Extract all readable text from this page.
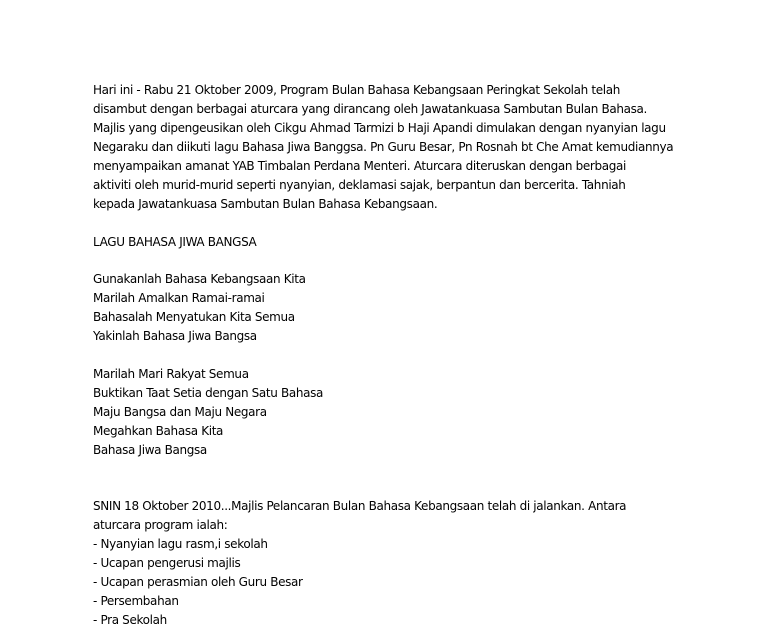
Hari ini - Rabu 21 Oktober 2009, Program Bulan Bahasa Kebangsaan Peringkat Sekolah telah
disambut dengan berbagai aturcara yang dirancang oleh Jawatankuasa Sambutan Bulan Bahasa.
Majlis yang dipengeusikan oleh Cikgu Ahmad Tarmizi b Haji Apandi dimulakan dengan nyanyian lagu
Negaraku dan diikuti lagu Bahasa Jiwa Banggsa. Pn Guru Besar, Pn Rosnah bt Che Amat kemudiannya
menyampaikan amanat YAB Timbalan Perdana Menteri. Aturcara diteruskan dengan berbagai
aktiviti oleh murid-murid seperti nyanyian, deklamasi sajak, berpantun dan bercerita. Tahniah
kepada Jawatankuasa Sambutan Bulan Bahasa Kebangsaan.
LAGU BAHASA JIWA BANGSA
Gunakanlah Bahasa Kebangsaan Kita
Marilah Amalkan Ramai-ramai
Bahasalah Menyatukan Kita Semua
Yakinlah Bahasa Jiwa Bangsa
Marilah Mari Rakyat Semua
Buktikan Taat Setia dengan Satu Bahasa
Maju Bangsa dan Maju Negara
Megahkan Bahasa Kita
Bahasa Jiwa Bangsa
SNIN 18 Oktober 2010...Majlis Pelancaran Bulan Bahasa Kebangsaan telah di jalankan. Antara
aturcara program ialah:
- Nyanyian lagu rasm,i sekolah
- Ucapan pengerusi majlis
- Ucapan perasmian oleh Guru Besar
- Persembahan
- Pra Sekolah
